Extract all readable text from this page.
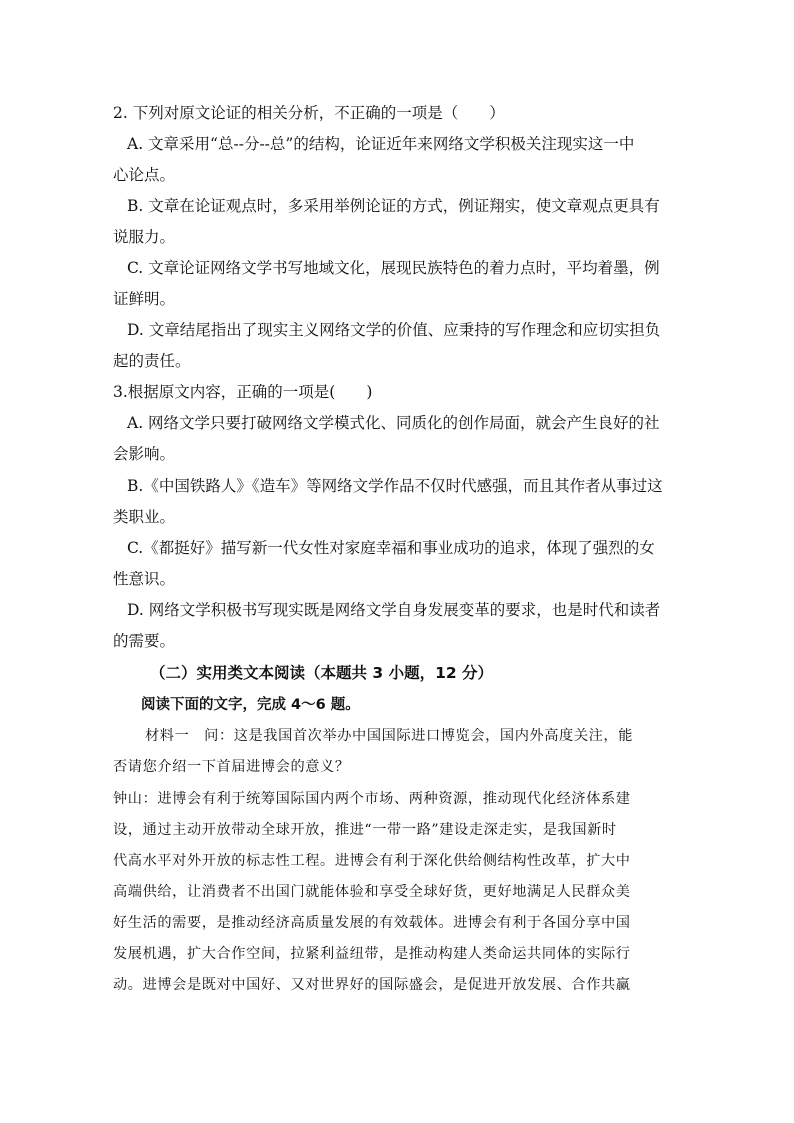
2. 下列对原文论证的相关分析，不正确的一项是（　　）
A. 文章采用“总--分--总”的结构，论证近年来网络文学积极关注现实这一中
心论点。
B. 文章在论证观点时，多采用举例论证的方式，例证翔实，使文章观点更具有
说服力。
C. 文章论证网络文学书写地域文化，展现民族特色的着力点时，平均着墨，例
证鲜明。
D. 文章结尾指出了现实主义网络文学的价值、应秉持的写作理念和应切实担负
起的责任。
3.根据原文内容，正确的一项是(　　)
A. 网络文学只要打破网络文学模式化、同质化的创作局面，就会产生良好的社
会影响。
B.《中国铁路人》《造车》等网络文学作品不仅时代感强，而且其作者从事过这
类职业。
C.《都挺好》描写新一代女性对家庭幸福和事业成功的追求，体现了强烈的女
性意识。
D. 网络文学积极书写现实既是网络文学自身发展变革的要求，也是时代和读者
的需要。
（二）实用类文本阅读（本题共 3 小题，12 分）
阅读下面的文字，完成 4～6 题。
材料一　问：这是我国首次举办中国国际进口博览会，国内外高度关注，能
否请您介绍一下首届进博会的意义？
钟山：进博会有利于统筹国际国内两个市场、两种资源，推动现代化经济体系建
设，通过主动开放带动全球开放，推进“一带一路”建设走深走实，是我国新时
代高水平对外开放的标志性工程。进博会有利于深化供给侧结构性改革，扩大中
高端供给，让消费者不出国门就能体验和享受全球好货，更好地满足人民群众美
好生活的需要，是推动经济高质量发展的有效载体。进博会有利于各国分享中国
发展机遇，扩大合作空间，拉紧利益纽带，是推动构建人类命运共同体的实际行
动。进博会是既对中国好、又对世界好的国际盛会，是促进开放发展、合作共赢
